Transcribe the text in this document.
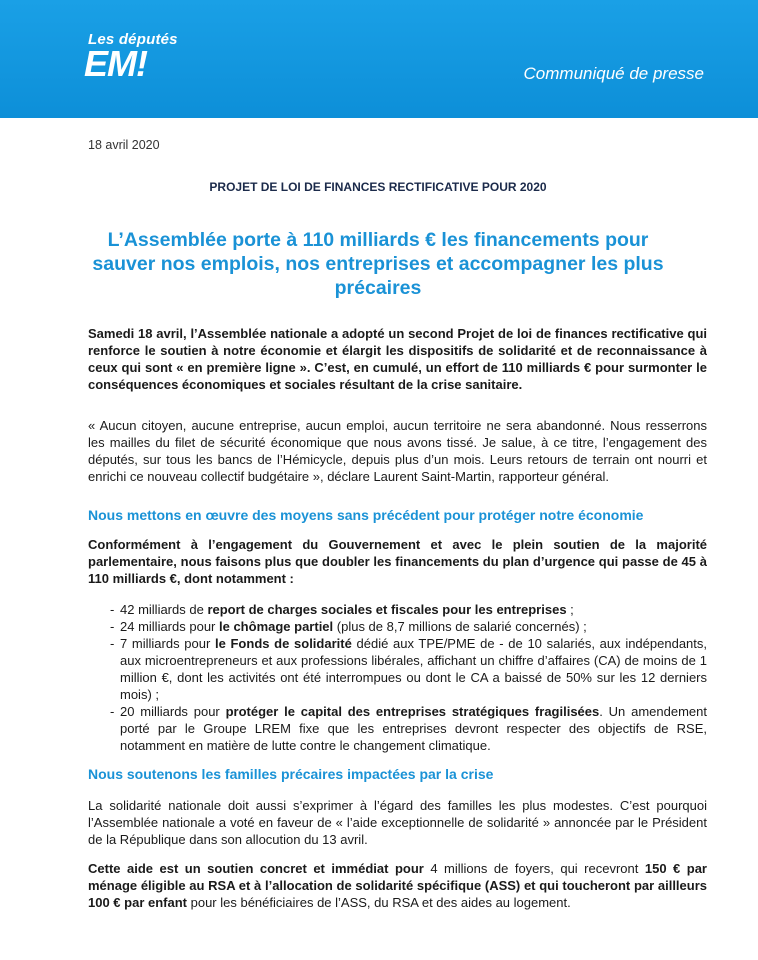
Les députés
EM!	Communiqué de presse
18 avril 2020
PROJET DE LOI DE FINANCES RECTIFICATIVE POUR 2020
L’Assemblée porte à 110 milliards € les financements pour sauver nos emplois, nos entreprises et accompagner les plus précaires

Samedi 18 avril, l’Assemblée nationale a adopté un second Projet de loi de finances rectificative qui renforce le soutien à notre économie et élargit les dispositifs de solidarité et de reconnaissance à ceux qui sont « en première ligne ». C’est, en cumulé, un effort de 110 milliards € pour surmonter le conséquences économiques et sociales résultant de la crise sanitaire.

« Aucun citoyen, aucune entreprise, aucun emploi, aucun territoire ne sera abandonné. Nous resserrons les mailles du filet de sécurité économique que nous avons tissé. Je salue, à ce titre, l’engagement des députés, sur tous les bancs de l’Hémicycle, depuis plus d’un mois. Leurs retours de terrain ont nourri et enrichi ce nouveau collectif budgétaire », déclare Laurent Saint-Martin, rapporteur général.

Nous mettons en œuvre des moyens sans précédent pour protéger notre économie

Conformément à l’engagement du Gouvernement et avec le plein soutien de la majorité parlementaire, nous faisons plus que doubler les financements du plan d’urgence qui passe de 45 à 110 milliards €, dont notamment :

- 42 milliards de report de charges sociales et fiscales pour les entreprises ;
- 24 milliards pour le chômage partiel (plus de 8,7 millions de salarié concernés) ;
- 7 milliards pour le Fonds de solidarité dédié aux TPE/PME de - de 10 salariés, aux indépendants, aux microentrepreneurs et aux professions libérales, affichant un chiffre d’affaires (CA) de moins de 1 million €, dont les activités ont été interrompues ou dont le CA a baissé de 50% sur les 12 derniers mois) ;
- 20 milliards pour protéger le capital des entreprises stratégiques fragilisées. Un amendement porté par le Groupe LREM fixe que les entreprises devront respecter des objectifs de RSE, notamment en matière de lutte contre le changement climatique.
Nous soutenons les familles précaires impactées par la crise

La solidarité nationale doit aussi s’exprimer à l’égard des familles les plus modestes. C’est pourquoi l’Assemblée nationale a voté en faveur de « l’aide exceptionnelle de solidarité » annoncée par le Président de la République dans son allocution du 13 avril.

Cette aide est un soutien concret et immédiat pour 4 millions de foyers, qui recevront 150 € par ménage éligible au RSA et à l’allocation de solidarité spécifique (ASS) et qui toucheront par aillleurs 100 € par enfant pour les bénéficiaires de l’ASS, du RSA et des aides au logement.
